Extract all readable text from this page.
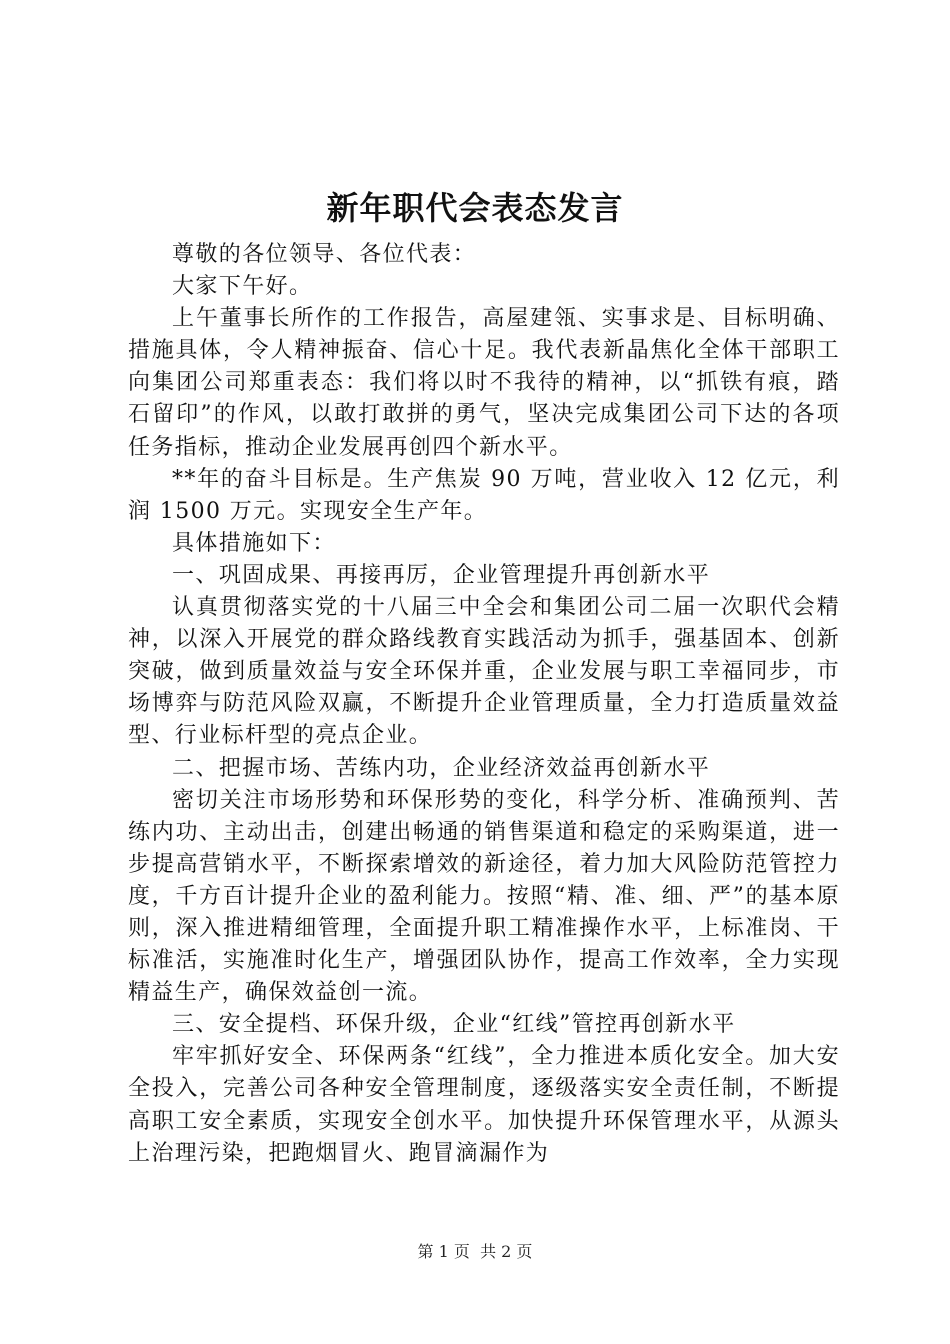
新年职代会表态发言

尊敬的各位领导、各位代表：

大家下午好。

上午董事长所作的工作报告，高屋建瓴、实事求是、目标明确、措施具体，令人精神振奋、信心十足。我代表新晶焦化全体干部职工向集团公司郑重表态：我们将以时不我待的精神，以“抓铁有痕，踏石留印”的作风，以敢打敢拼的勇气，坚决完成集团公司下达的各项任务指标，推动企业发展再创四个新水平。

**年的奋斗目标是。生产焦炭 90 万吨，营业收入 12 亿元，利润 1500 万元。实现安全生产年。

具体措施如下：

一、巩固成果、再接再厉，企业管理提升再创新水平

认真贯彻落实党的十八届三中全会和集团公司二届一次职代会精神，以深入开展党的群众路线教育实践活动为抓手，强基固本、创新突破，做到质量效益与安全环保并重，企业发展与职工幸福同步，市场博弈与防范风险双赢，不断提升企业管理质量，全力打造质量效益型、行业标杆型的亮点企业。

二、把握市场、苦练内功，企业经济效益再创新水平

密切关注市场形势和环保形势的变化，科学分析、准确预判、苦练内功、主动出击，创建出畅通的销售渠道和稳定的采购渠道，进一步提高营销水平，不断探索增效的新途径，着力加大风险防范管控力度，千方百计提升企业的盈利能力。按照“精、准、细、严”的基本原则，深入推进精细管理，全面提升职工精准操作水平，上标准岗、干标准活，实施准时化生产，增强团队协作，提高工作效率，全力实现精益生产，确保效益创一流。

三、安全提档、环保升级，企业“红线”管控再创新水平

牢牢抓好安全、环保两条“红线”，全力推进本质化安全。加大安全投入，完善公司各种安全管理制度，逐级落实安全责任制，不断提高职工安全素质，实现安全创水平。加快提升环保管理水平，从源头上治理污染，把跑烟冒火、跑冒滴漏作为

第 1 页  共 2 页
